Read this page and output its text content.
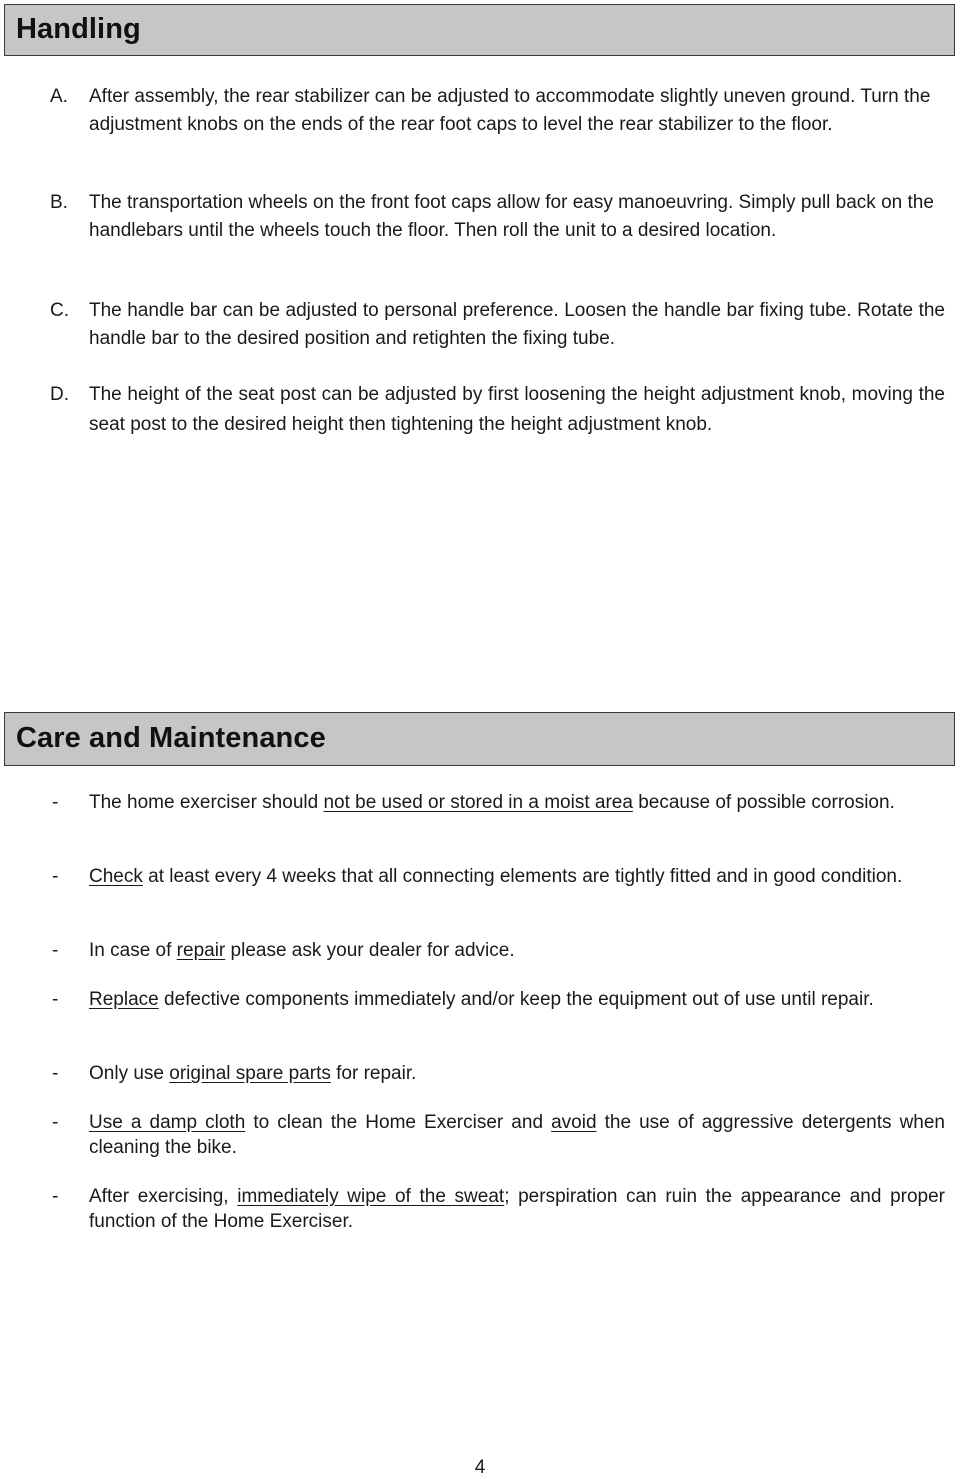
Handling
A.	After assembly, the rear stabilizer can be adjusted to accommodate slightly uneven ground. Turn the adjustment knobs on the ends of the rear foot caps to level the rear stabilizer to the floor.
B.	The transportation wheels on the front foot caps allow for easy manoeuvring. Simply pull back on the handlebars until the wheels touch the floor. Then roll the unit to a desired location.
C.	The handle bar can be adjusted to personal preference. Loosen the handle bar fixing tube. Rotate the handle bar to the desired position and retighten the fixing tube.
D.	The height of the seat post can be adjusted by first loosening the height adjustment knob, moving the seat post to the desired height then tightening the height adjustment knob.
Care and Maintenance
- The home exerciser should not be used or stored in a moist area because of possible corrosion.
- Check at least every 4 weeks that all connecting elements are tightly fitted and in good condition.
- In case of repair please ask your dealer for advice.
- Replace defective components immediately and/or keep the equipment out of use until repair.
- Only use original spare parts for repair.
- Use a damp cloth to clean the Home Exerciser and avoid the use of aggressive detergents when cleaning the bike.
- After exercising, immediately wipe of the sweat; perspiration can ruin the appearance and proper function of the Home Exerciser.
4
